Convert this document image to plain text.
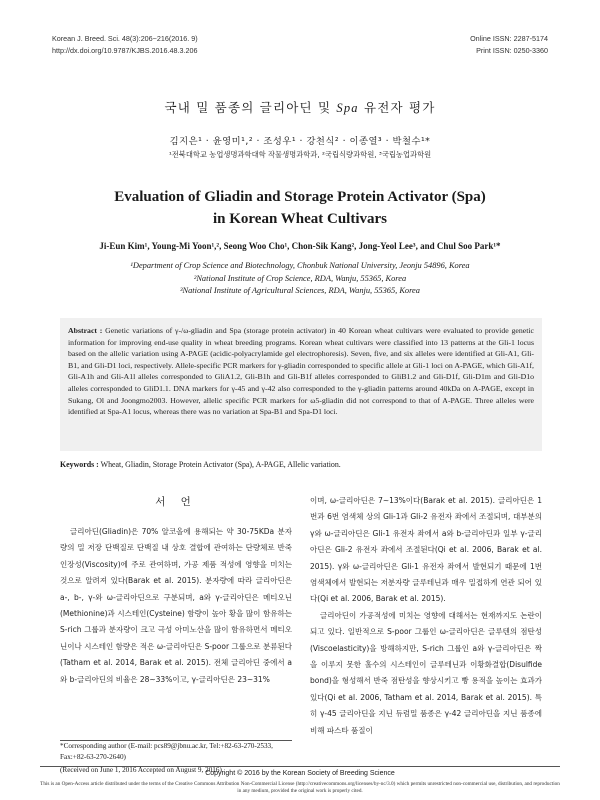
Korean J. Breed. Sci. 48(3):206~216(2016. 9)
http://dx.doi.org/10.9787/KJBS.2016.48.3.206
Online ISSN: 2287-5174
Print ISSN: 0250-3360
국내 밀 품종의 글리아딘 및 Spa 유전자 평가
김지은¹ · 윤영미¹,² · 조성우¹ · 강천식² · 이종열³ · 박철수¹*
¹전북대학교 농업생명과학대학 작물생명과학과, ²국립식량과학원, ³국립농업과학원
Evaluation of Gliadin and Storage Protein Activator (Spa)
in Korean Wheat Cultivars
Ji-Eun Kim¹, Young-Mi Yoon¹,², Seong Woo Cho¹, Chon-Sik Kang², Jong-Yeol Lee³, and Chul Soo Park¹*
¹Department of Crop Science and Biotechnology, Chonbuk National University, Jeonju 54896, Korea
²National Institute of Crop Science, RDA, Wanju, 55365, Korea
³National Institute of Agricultural Sciences, RDA, Wanju, 55365, Korea
Abstract : Genetic variations of γ-/ω-gliadin and Spa (storage protein activator) in 40 Korean wheat cultivars were evaluated to provide genetic information for improving end-use quality in wheat breeding programs. Korean wheat cultivars were classified into 13 patterns at the Gli-1 locus based on the allelic variation using A-PAGE (acidic-polyacrylamide gel electrophoresis). Seven, five, and six alleles were identified at Gli-A1, Gli-B1, and Gli-D1 loci, respectively. Allele-specific PCR markers for γ-gliadin corresponded to specific allele at Gli-1 loci on A-PAGE, which Gli-A1f, Gli-A1h and Gli-A1l alleles corresponded to GliA1.2, Gli-B1h and Gli-B1f alleles corresponded to GliB1.2 and Gli-D1f, Gli-D1m and Gli-D1o alleles corresponded to GliD1.1. DNA markers for γ-45 and γ-42 also corresponded to the γ-gliadin patterns around 40kDa on A-PAGE, except in Sukang, Ol and Joongmo2003. However, allelic specific PCR markers for ω5-gliadin did not correspond to that of A-PAGE. Three alleles were identified at Spa-A1 locus, whereas there was no variation at Spa-B1 and Spa-D1 loci.
Keywords : Wheat, Gliadin, Storage Protein Activator (Spa), A-PAGE, Allelic variation.
서 언

글리아딘(Gliadin)은 70% 알코올에 용해되는 약 30-75KDa 분자량의 밀 저장 단백질로 단백질 내 상호 결합에 관여하는 단량체로 반죽 인장성(Viscosity)에 주로 관여하며, 가공 제품 적성에 영향을 미치는 것으로 알려져 있다(Barak et al. 2015). 분자량에 따라 글리아딘은 a-, b-, γ-와 ω-글리아딘으로 구분되며, a와 γ-글리아딘은 메티오닌(Methionine)과 시스테인(Cysteine) 함량이 높아 황을 많이 함유하는 S-rich 그룹과 분자량이 크고 극성 아미노산을 많이 함유하면서 메티오닌이나 시스테인 함량은 적은 ω-글리아딘은 S-poor 그룹으로 분류된다(Tatham et al. 2014, Barak et al. 2015). 전체 글리아딘 중에서 a와 b-글리아딘의 비율은 28~33%이고, γ-글리아딘은 23~31%

*Corresponding author (E-mail: pcs89@jbnu.ac.kr, Tel:+82-63-270-2533, Fax:+82-63-270-2640)
(Received on June 1, 2016 Accepted on August 9, 2016)

이며, ω-글리아딘은 7~13%이다(Barak et al. 2015). 글리아딘은 1번과 6번 염색체 상의 Gli-1과 Gli-2 유전자 좌에서 조절되며, 대부분의 γ와 ω-글리아딘은 Gli-1 유전자 좌에서 a와 b-글리아딘과 일부 γ-글리아딘은 Gli-2 유전자 좌에서 조절된다(Qi et al. 2006, Barak et al. 2015). γ와 ω-글리아딘은 Gli-1 유전자 좌에서 발현되기 때문에 1번 염색체에서 발현되는 저분자량 글루테닌과 매우 밀접하게 연관 되어 있다(Qi et al. 2006, Barak et al. 2015).

글리아딘이 가공적성에 미치는 영향에 대해서는 현재까지도 논란이 되고 있다. 일반적으로 S-poor 그룹인 ω-글리아딘은 글루텐의 점탄성(Viscoelasticity)을 방해하지만, S-rich 그룹인 a와 γ-글리아딘은 짝을 이루지 못한 홀수의 시스테인이 글루테닌과 이황화결합(Disulfide bond)을 형성해서 반죽 점탄성을 향상시키고 빵 용적을 높이는 효과가 있다(Qi et al. 2006, Tatham et al. 2014, Barak et al. 2015). 특히 γ-45 글리아딘을 지닌 듀럼밀 품종은 γ-42 글리아딘을 지닌 품종에 비해 파스타 품질이

Copyright © 2016 by the Korean Society of Breeding Science
This is an Open-Access article distributed under the terms of the Creative Commons Attribution Non-Commercial License (http://creativecommons.org/licenses/by-nc/3.0) which permits unrestricted non-commercial use, distribution, and reproduction in any medium, provided the original work is properly cited.
